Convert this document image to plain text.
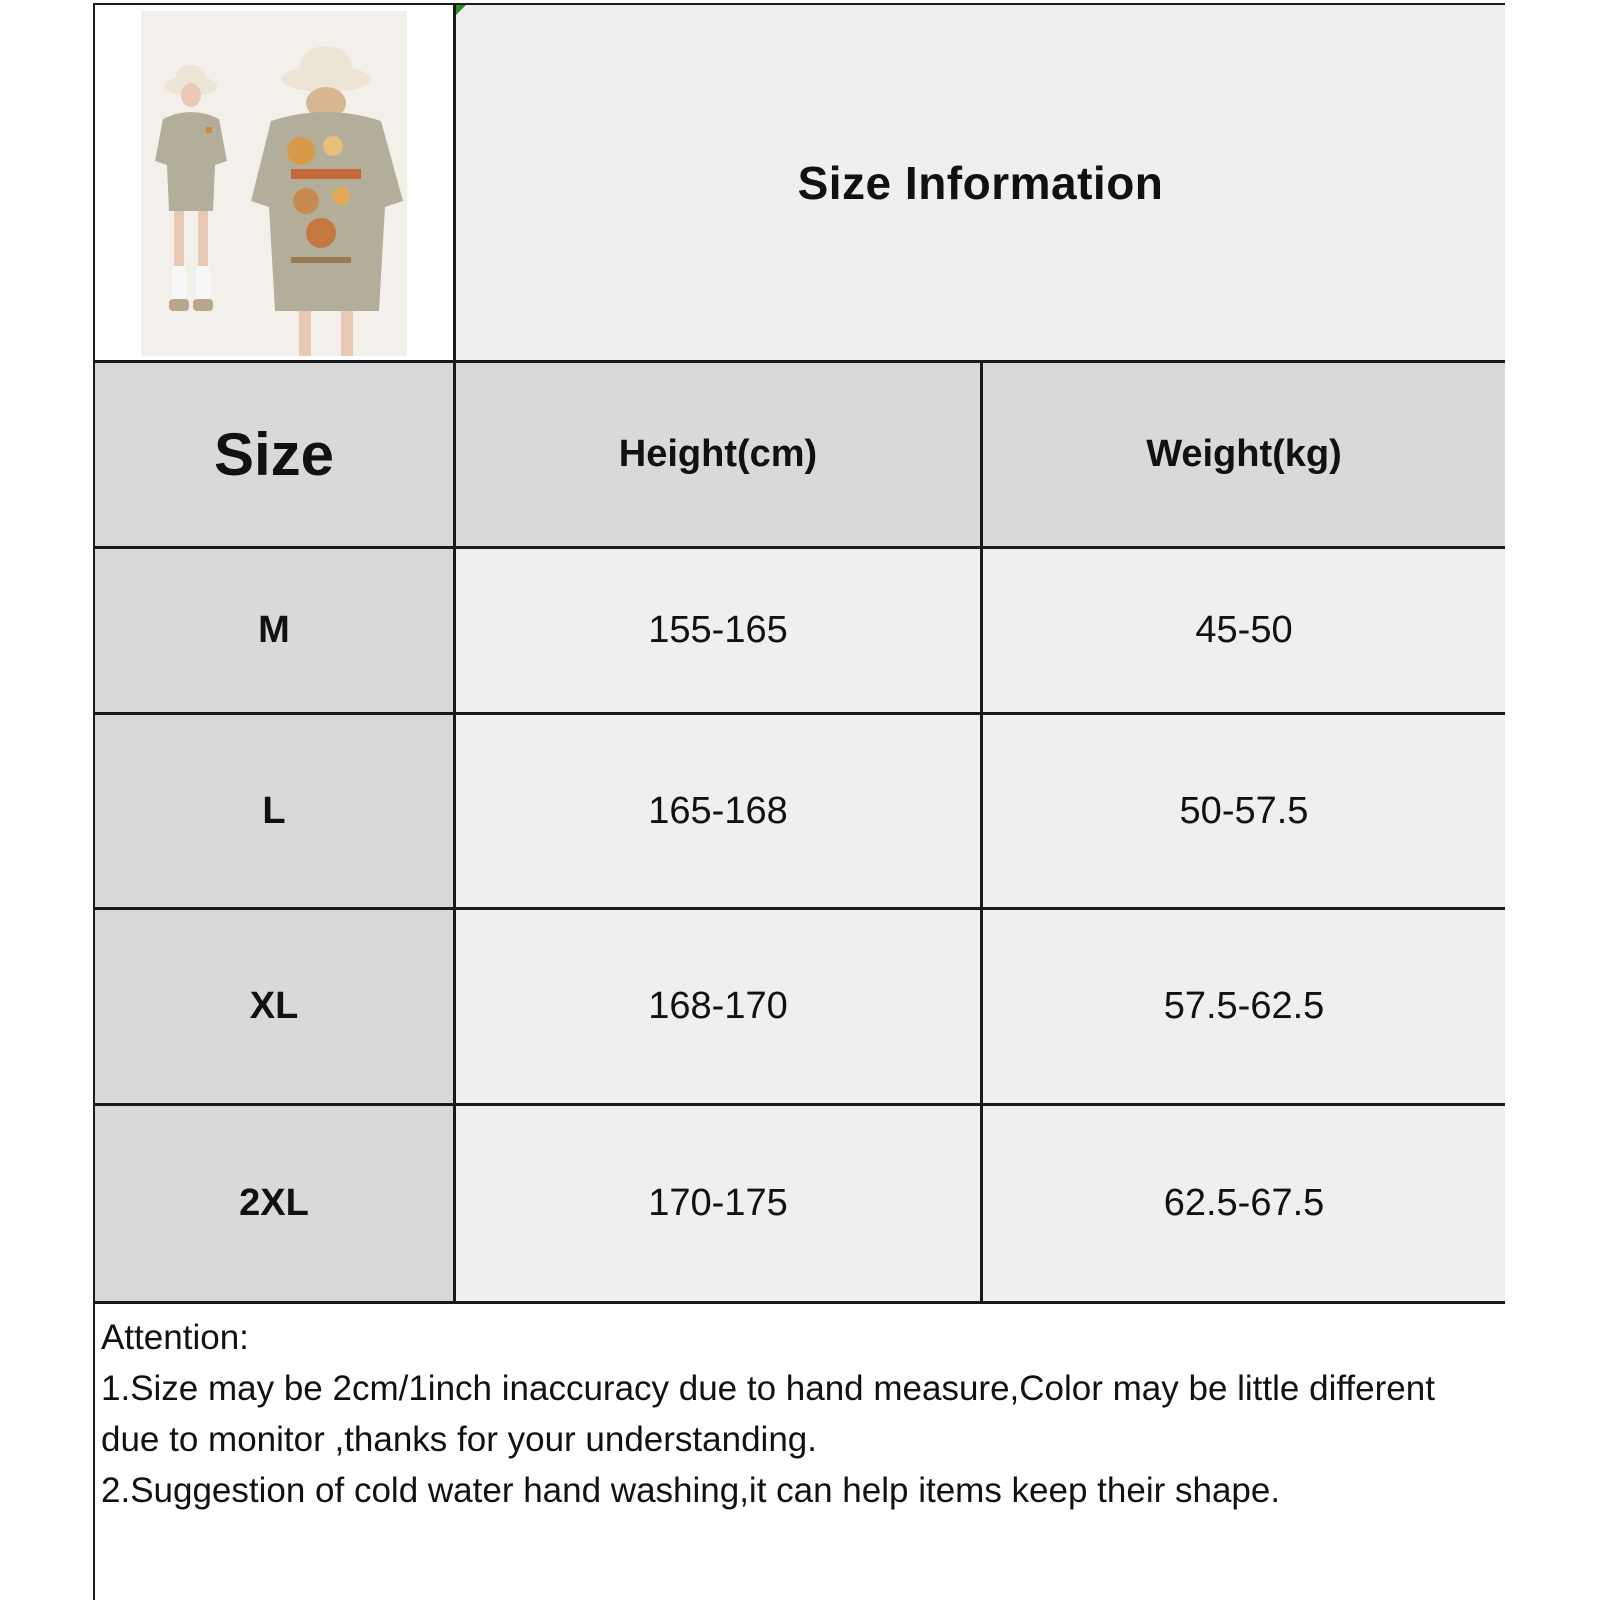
Size Information
Size	Height(cm)	Weight(kg)
M	155-165	45-50
L	165-168	50-57.5
XL	168-170	57.5-62.5
2XL	170-175	62.5-67.5
Attention:
1.Size may be 2cm/1inch inaccuracy due to hand measure,Color may be little different due to monitor ,thanks for your understanding.
2.Suggestion of cold water hand washing,it can help items keep their shape.
